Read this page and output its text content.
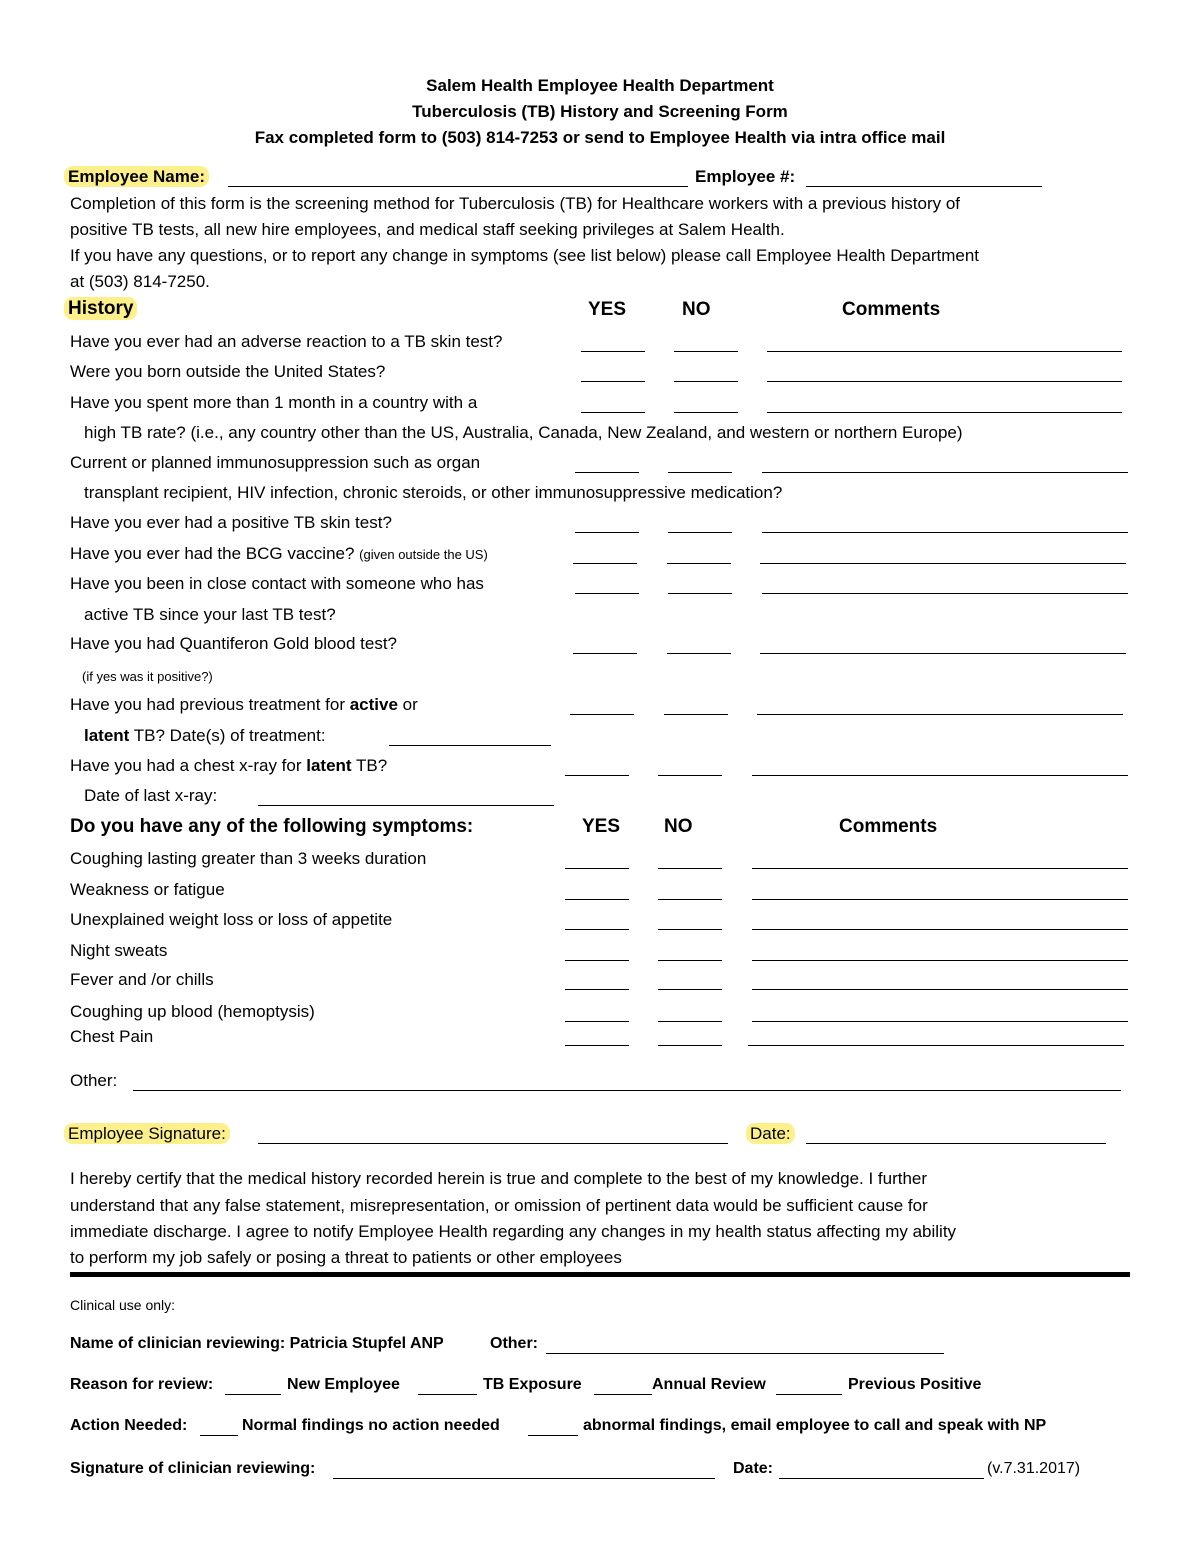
Salem Health Employee Health Department
Tuberculosis (TB) History and Screening Form
Fax completed form to (503) 814-7253 or send to Employee Health via intra office mail
Employee Name:	Employee #:
Completion of this form is the screening method for Tuberculosis (TB) for Healthcare workers with a previous history of
positive TB tests, all new hire employees, and medical staff seeking privileges at Salem Health.
If you have any questions, or to report any change in symptoms (see list below) please call Employee Health Department
at (503) 814-7250.
History	YES	NO	Comments
Have you ever had an adverse reaction to a TB skin test?
Were you born outside the United States?
Have you spent more than 1 month in a country with a
high TB rate? (i.e., any country other than the US, Australia, Canada, New Zealand, and western or northern Europe)
Current or planned immunosuppression such as organ
transplant recipient, HIV infection, chronic steroids, or other immunosuppressive medication?
Have you ever had a positive TB skin test?
Have you ever had the BCG vaccine? (given outside the US)
Have you been in close contact with someone who has
active TB since your last TB test?
Have you had Quantiferon Gold blood test?
(if yes was it positive?)
Have you had previous treatment for active or
latent TB? Date(s) of treatment:
Have you had a chest x-ray for latent TB?
Date of last x-ray:
Do you have any of the following symptoms:	YES NO	Comments
Coughing lasting greater than 3 weeks duration
Weakness or fatigue
Unexplained weight loss or loss of appetite
Night sweats
Fever and /or chills
Coughing up blood (hemoptysis)
Chest Pain
Other:
Employee Signature:	Date:
I hereby certify that the medical history recorded herein is true and complete to the best of my knowledge. I further
understand that any false statement, misrepresentation, or omission of pertinent data would be sufficient cause for
immediate discharge. I agree to notify Employee Health regarding any changes in my health status affecting my ability
to perform my job safely or posing a threat to patients or other employees
Clinical use only:
Name of clinician reviewing: Patricia Stupfel ANP	Other:
Reason for review:	New Employee	TB Exposure	Annual Review	Previous Positive
Action Needed:	Normal findings no action needed	abnormal findings, email employee to call and speak with NP
Signature of clinician reviewing:	Date:	(v.7.31.2017)
